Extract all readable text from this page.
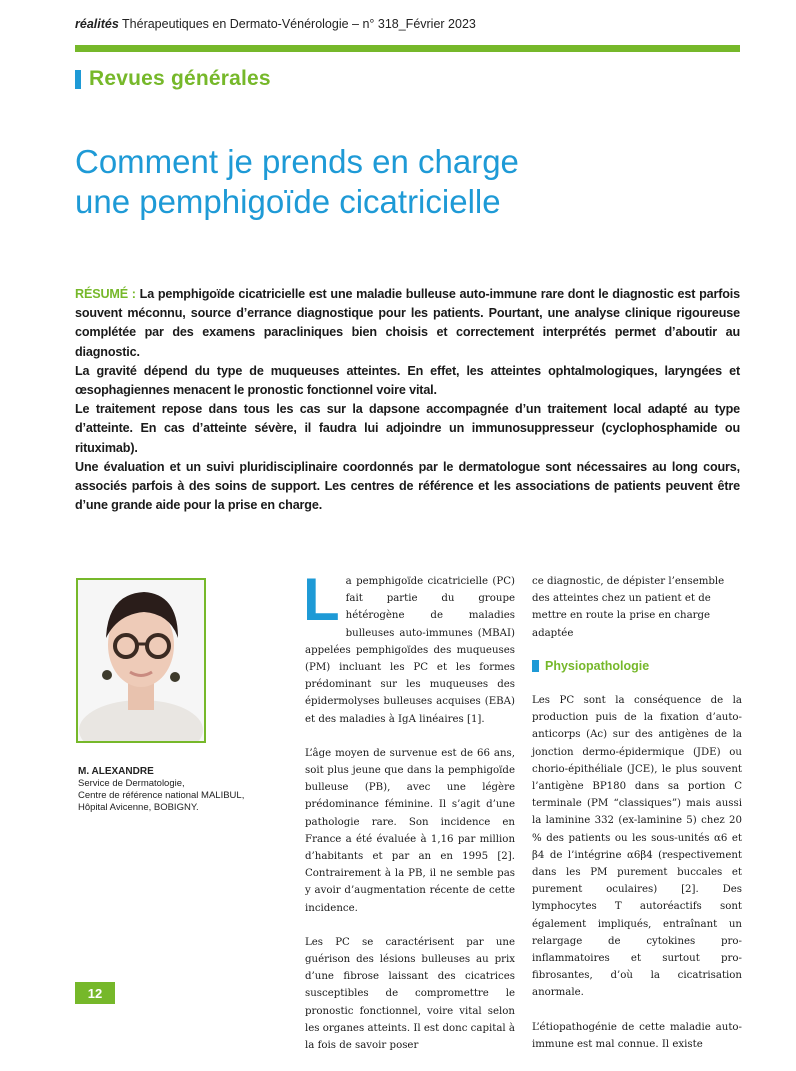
réalités Thérapeutiques en Dermato-Vénérologie – n° 318_Février 2023
Revues générales
Comment je prends en charge
une pemphigoïde cicatricielle

RÉSUMÉ : La pemphigoïde cicatricielle est une maladie bulleuse auto-immune rare dont le diagnostic est parfois souvent méconnu, source d’errance diagnostique pour les patients. Pourtant, une analyse clinique rigoureuse complétée par des examens paracliniques bien choisis et correctement interprétés permet d’aboutir au diagnostic.

La gravité dépend du type de muqueuses atteintes. En effet, les atteintes ophtalmologiques, laryngées et œsophagiennes menacent le pronostic fonctionnel voire vital.

Le traitement repose dans tous les cas sur la dapsone accompagnée d’un traitement local adapté au type d’atteinte. En cas d’atteinte sévère, il faudra lui adjoindre un immunosuppresseur (cyclophosphamide ou rituximab).

Une évaluation et un suivi pluridisciplinaire coordonnés par le dermatologue sont nécessaires au long cours, associés parfois à des soins de support. Les centres de référence et les associations de patients peuvent être d’une grande aide pour la prise en charge.

M. ALEXANDRE
Service de Dermatologie,
Centre de référence national MALIBUL,
Hôpital Avicenne, BOBIGNY.

La pemphigoïde cicatricielle (PC) fait partie du groupe hétérogène de maladies bulleuses auto-immunes (MBAI) appelées pemphigoïdes des muqueuses (PM) incluant les PC et les formes prédominant sur les muqueuses des épidermolyses bulleuses acquises (EBA) et des maladies à IgA linéaires [1].

L’âge moyen de survenue est de 66 ans, soit plus jeune que dans la pemphigoïde bulleuse (PB), avec une légère prédominance féminine. Il s’agit d’une pathologie rare. Son incidence en France a été évaluée à 1,16 par million d’habitants et par an en 1995 [2]. Contrairement à la PB, il ne semble pas y avoir d’augmentation récente de cette incidence.

Les PC se caractérisent par une guérison des lésions bulleuses au prix d’une fibrose laissant des cicatrices susceptibles de compromettre le pronostic fonctionnel, voire vital selon les organes atteints. Il est donc capital à la fois de savoir poser

ce diagnostic, de dépister l’ensemble des atteintes chez un patient et de mettre en route la prise en charge adaptée

Physiopathologie

Les PC sont la conséquence de la production puis de la fixation d’auto-anticorps (Ac) sur des antigènes de la jonction dermo-épidermique (JDE) ou chorio-épithéliale (JCE), le plus souvent l’antigène BP180 dans sa portion C terminale (PM “classiques”) mais aussi la laminine 332 (ex-laminine 5) chez 20 % des patients ou les sous-unités α6 et β4 de l’intégrine α6β4 (respectivement dans les PM purement buccales et purement oculaires) [2]. Des lymphocytes T autoréactifs sont également impliqués, entraînant un relargage de cytokines pro-inflammatoires et surtout pro-fibrosantes, d’où la cicatrisation anormale.

L’étiopathogénie de cette maladie auto-immune est mal connue. Il existe

12
